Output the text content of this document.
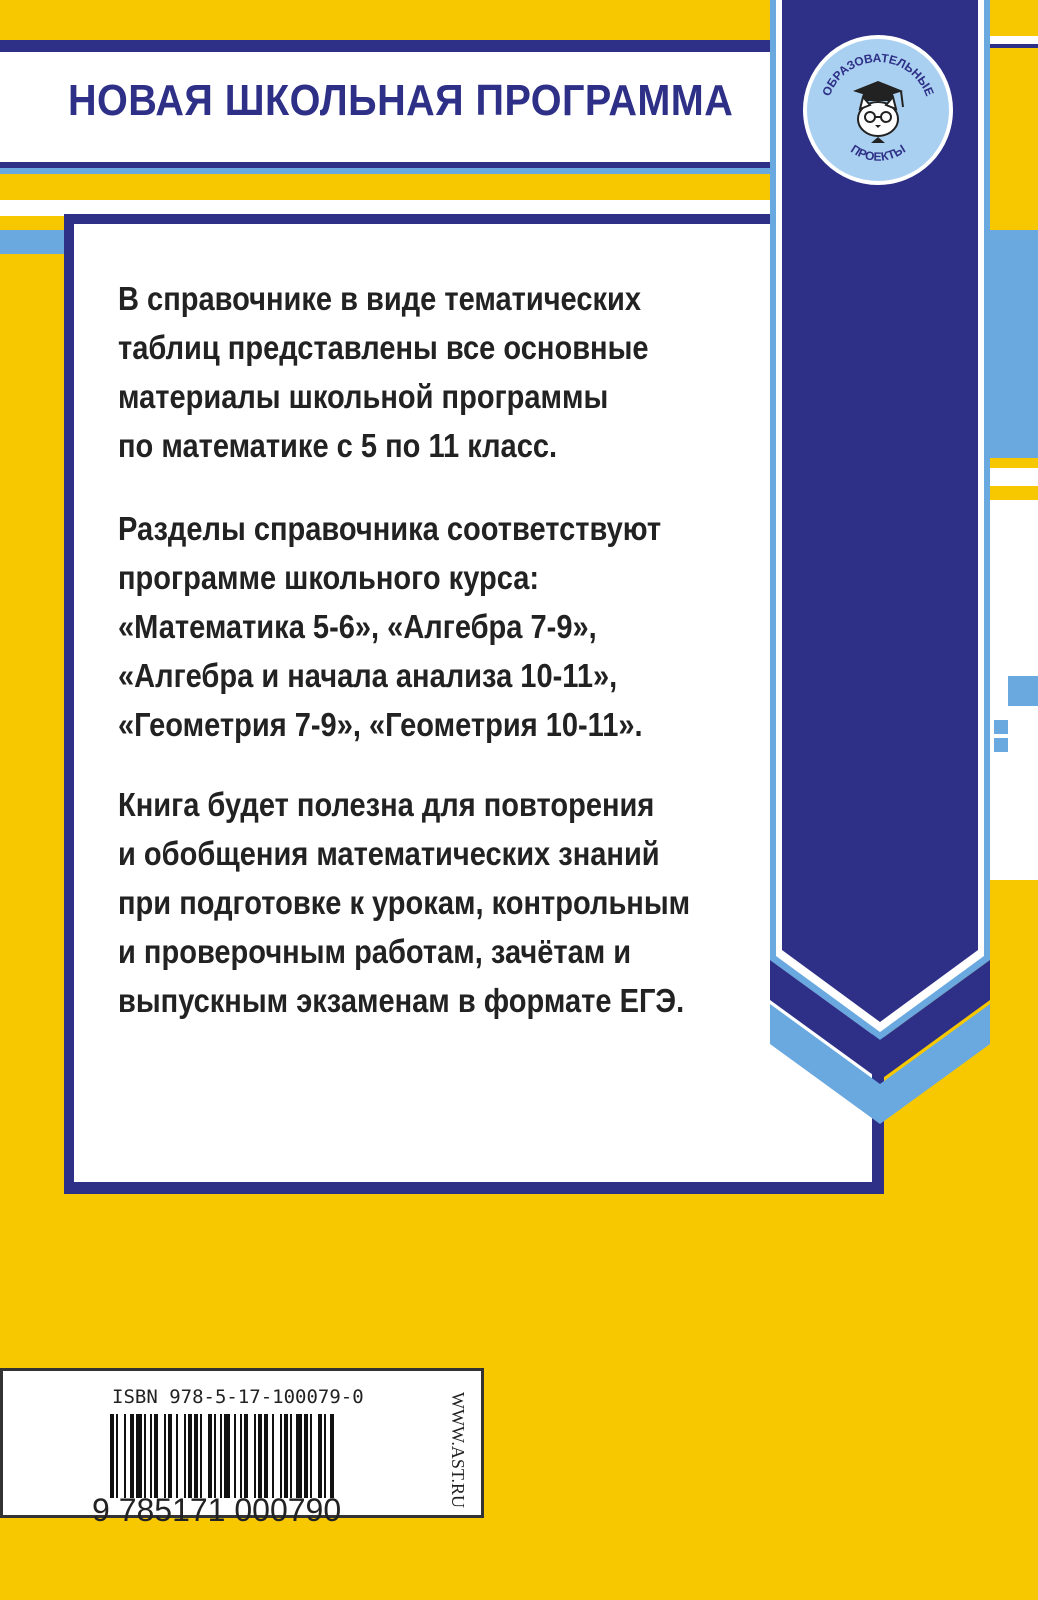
НОВАЯ ШКОЛЬНАЯ ПРОГРАММА
В справочнике в виде тематических
таблиц представлены все основные
материалы школьной программы
по математике с 5 по 11 класс.
Разделы справочника соответствуют
программе школьного курса:
«Математика 5-6», «Алгебра 7-9»,
«Алгебра и начала анализа 10-11»,
«Геометрия 7-9», «Геометрия 10-11».
Книга будет полезна для повторения
и обобщения математических знаний
при подготовке к урокам, контрольным
и проверочным работам, зачётам и
выпускным экзаменам в формате ЕГЭ.
ОБРАЗОВАТЕЛЬНЫЕ
ПРОЕКТЫ
ISBN 978-5-17-100079-0
9 785171 000790
WWW.AST.RU
